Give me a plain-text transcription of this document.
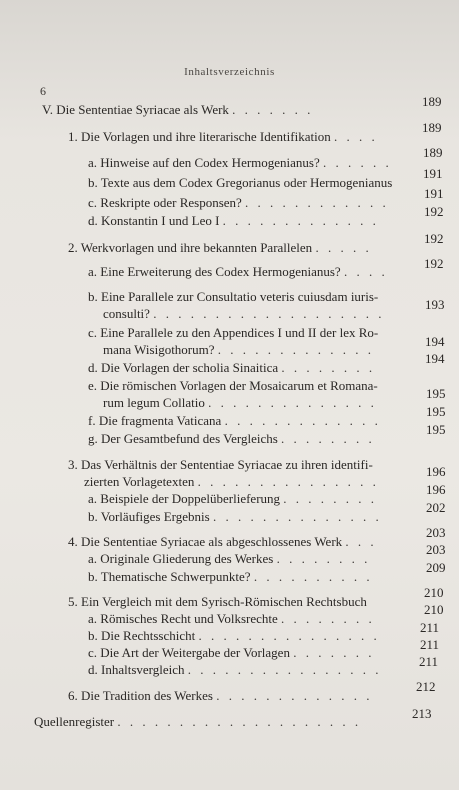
Inhaltsverzeichnis
6
V. Die Sententiae Syriacae als Werk . . . . . . .
189
1. Die Vorlagen und ihre literarische Identifikation . . . .
189
a. Hinweise auf den Codex Hermogenianus? . . . . . .
189
b. Texte aus dem Codex Gregorianus oder Hermogenianus
191
c. Reskripte oder Responsen? . . . . . . . . . . . .
191
d. Konstantin I und Leo I . . . . . . . . . . . . .
192
2. Werkvorlagen und ihre bekannten Parallelen . . . . .
192
a. Eine Erweiterung des Codex Hermogenianus? . . . .
192
b. Eine Parallele zur Consultatio veteris cuiusdam iuris-
consulti? . . . . . . . . . . . . . . . . . . .
193
c. Eine Parallele zu den Appendices I und II der lex Ro-
mana Wisigothorum? . . . . . . . . . . . . .
194
d. Die Vorlagen der scholia Sinaitica . . . . . . . .
194
e. Die römischen Vorlagen der Mosaicarum et Romana-
rum legum Collatio . . . . . . . . . . . . . .
195
f. Die fragmenta Vaticana . . . . . . . . . . . . .
195
g. Der Gesamtbefund des Vergleichs . . . . . . . .
195
3. Das Verhältnis der Sententiae Syriacae zu ihren identifi-
zierten Vorlagetexten . . . . . . . . . . . . . . .
196
a. Beispiele der Doppelüberlieferung . . . . . . . .
196
b. Vorläufiges Ergebnis . . . . . . . . . . . . . .
202
4. Die Sententiae Syriacae als abgeschlossenes Werk . . .
203
a. Originale Gliederung des Werkes . . . . . . . .
203
b. Thematische Schwerpunkte? . . . . . . . . . .
209
5. Ein Vergleich mit dem Syrisch-Römischen Rechtsbuch
210
a. Römisches Recht und Volksrechte . . . . . . . .
210
b. Die Rechtsschicht . . . . . . . . . . . . . . .
211
c. Die Art der Weitergabe der Vorlagen . . . . . . .
211
d. Inhaltsvergleich . . . . . . . . . . . . . . . .
211
6. Die Tradition des Werkes . . . . . . . . . . . . .
212
Quellenregister . . . . . . . . . . . . . . . . . . . .
213
